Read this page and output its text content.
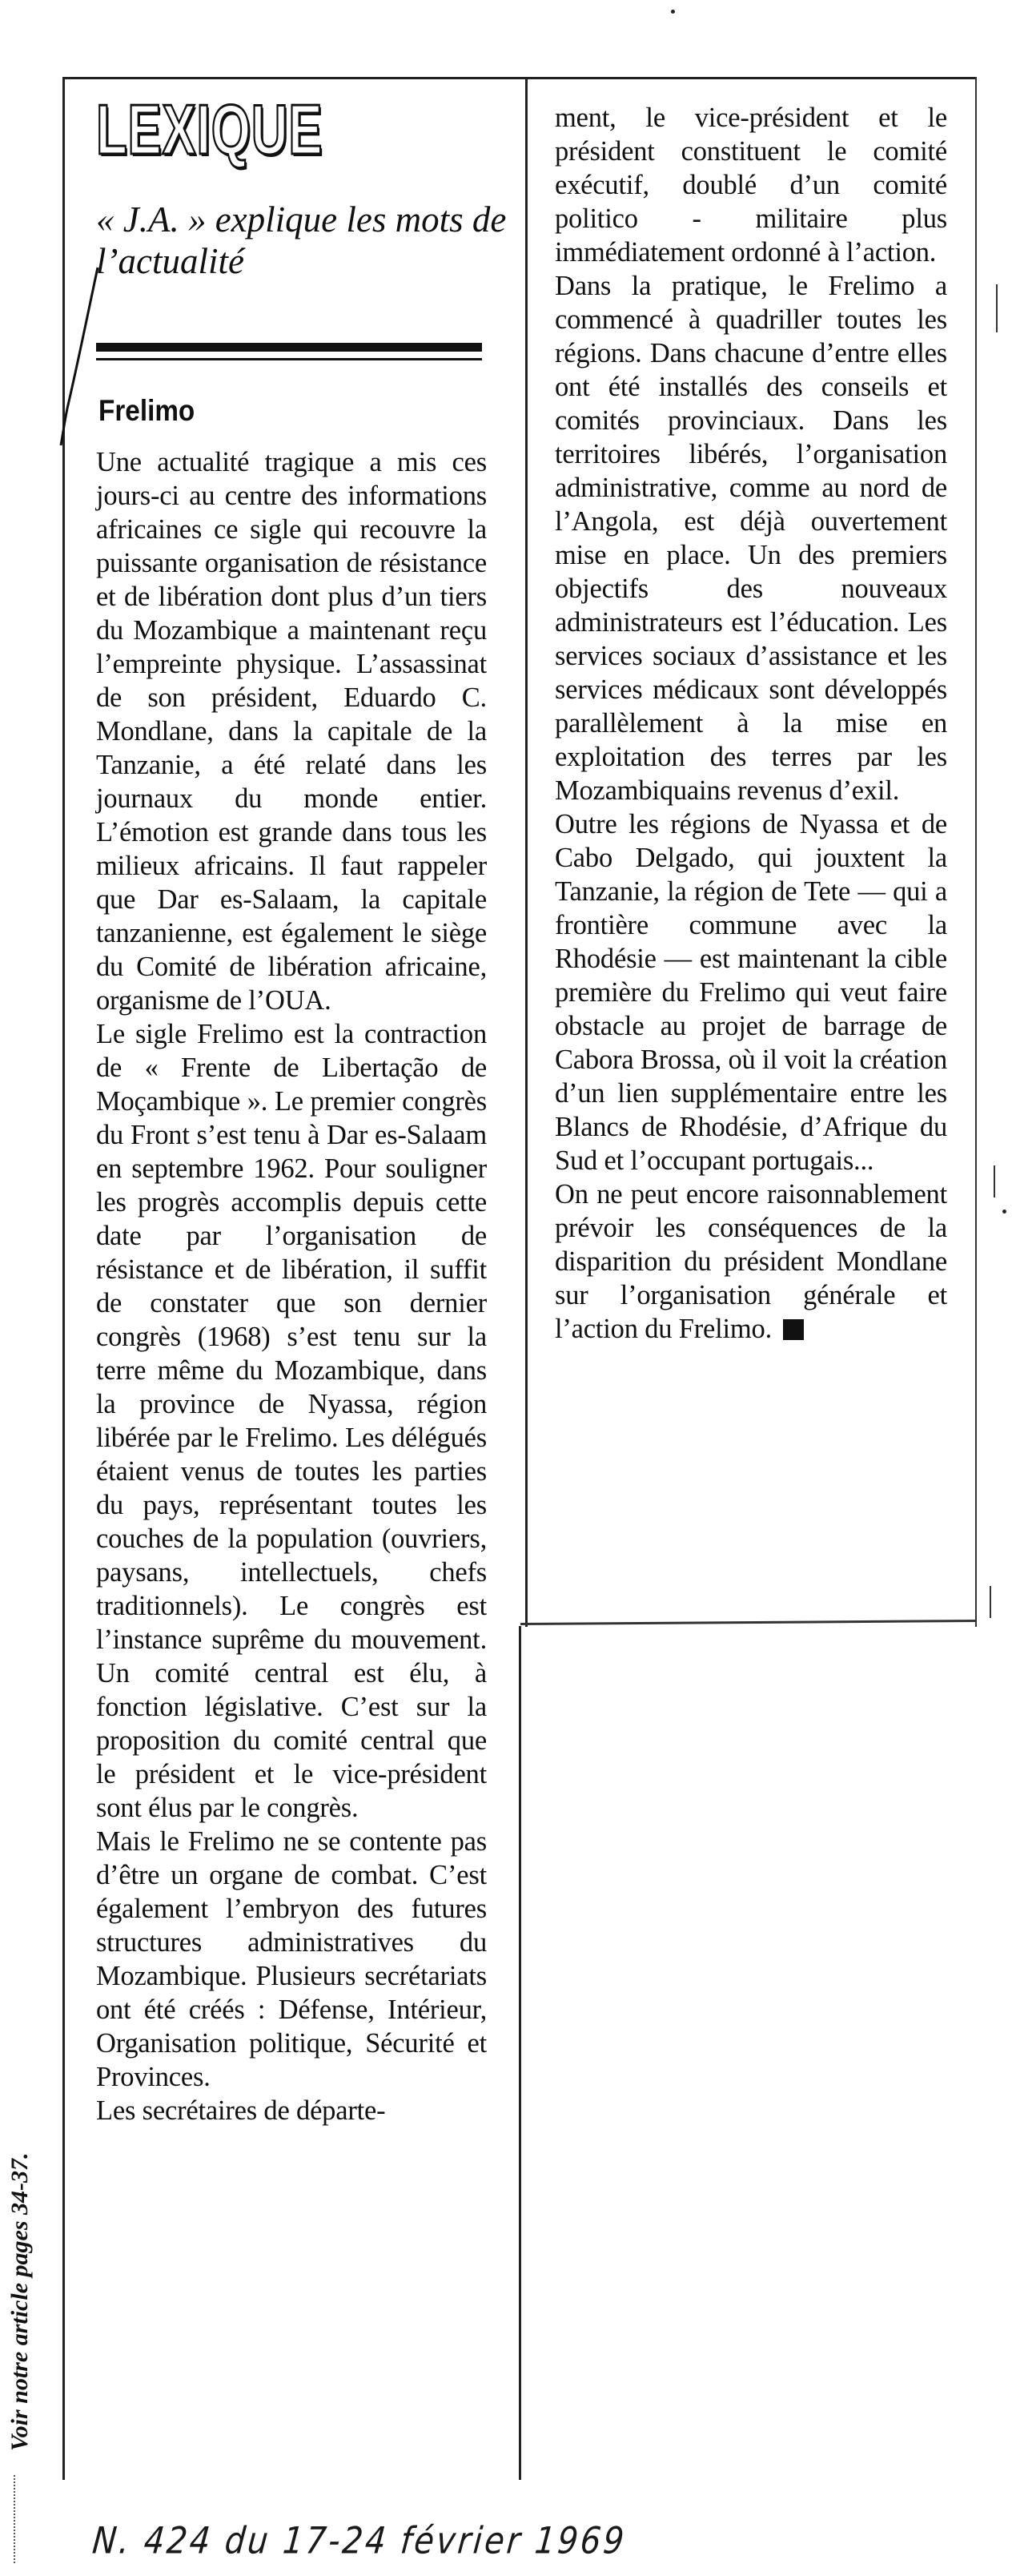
LEXIQUE
« J.A. » explique les mots de l’actualité
Frelimo

Une actualité tragique a mis ces jours-ci au centre des informations africaines ce sigle qui recouvre la puissante organisation de résistance et de libération dont plus d’un tiers du Mozambique a maintenant reçu l’empreinte physique. L’assassinat de son président, Eduardo C. Mondlane, dans la capitale de la Tanzanie, a été relaté dans les journaux du monde entier. L’émotion est grande dans tous les milieux africains. Il faut rappeler que Dar es-Salaam, la capitale tanzanienne, est également le siège du Comité de libération africaine, organisme de l’OUA.

Le sigle Frelimo est la contraction de « Frente de Libertação de Moçambique ». Le premier congrès du Front s’est tenu à Dar es-Salaam en septembre 1962. Pour souligner les progrès accomplis depuis cette date par l’organisation de résistance et de libération, il suffit de constater que son dernier congrès (1968) s’est tenu sur la terre même du Mozambique, dans la province de Nyassa, région libérée par le Frelimo. Les délégués étaient venus de toutes les parties du pays, représentant toutes les couches de la population (ouvriers, paysans, intellectuels, chefs traditionnels). Le congrès est l’instance suprême du mouvement. Un comité central est élu, à fonction législative. C’est sur la proposition du comité central que le président et le vice-président sont élus par le congrès.

Mais le Frelimo ne se contente pas d’être un organe de combat. C’est également l’embryon des futures structures administratives du Mozambique. Plusieurs secrétariats ont été créés : Défense, Intérieur, Organisation politique, Sécurité et Provinces.

Les secrétaires de départe-

ment, le vice-président et le président constituent le comité exécutif, doublé d’un comité politico - militaire plus immédiatement ordonné à l’action.

Dans la pratique, le Frelimo a commencé à quadriller toutes les régions. Dans chacune d’entre elles ont été installés des conseils et comités provinciaux. Dans les territoires libérés, l’organisation administrative, comme au nord de l’Angola, est déjà ouvertement mise en place. Un des premiers objectifs des nouveaux administrateurs est l’éducation. Les services sociaux d’assistance et les services médicaux sont développés parallèlement à la mise en exploitation des terres par les Mozambiquains revenus d’exil.

Outre les régions de Nyassa et de Cabo Delgado, qui jouxtent la Tanzanie, la région de Tete — qui a frontière commune avec la Rhodésie — est maintenant la cible première du Frelimo qui veut faire obstacle au projet de barrage de Cabora Brossa, où il voit la création d’un lien supplémentaire entre les Blancs de Rhodésie, d’Afrique du Sud et l’occupant portugais...

On ne peut encore raisonnablement prévoir les conséquences de la disparition du président Mondlane sur l’organisation générale et l’action du Frelimo.

Voir notre article pages 34-37.
N. 424 du 17-24 février 1969
